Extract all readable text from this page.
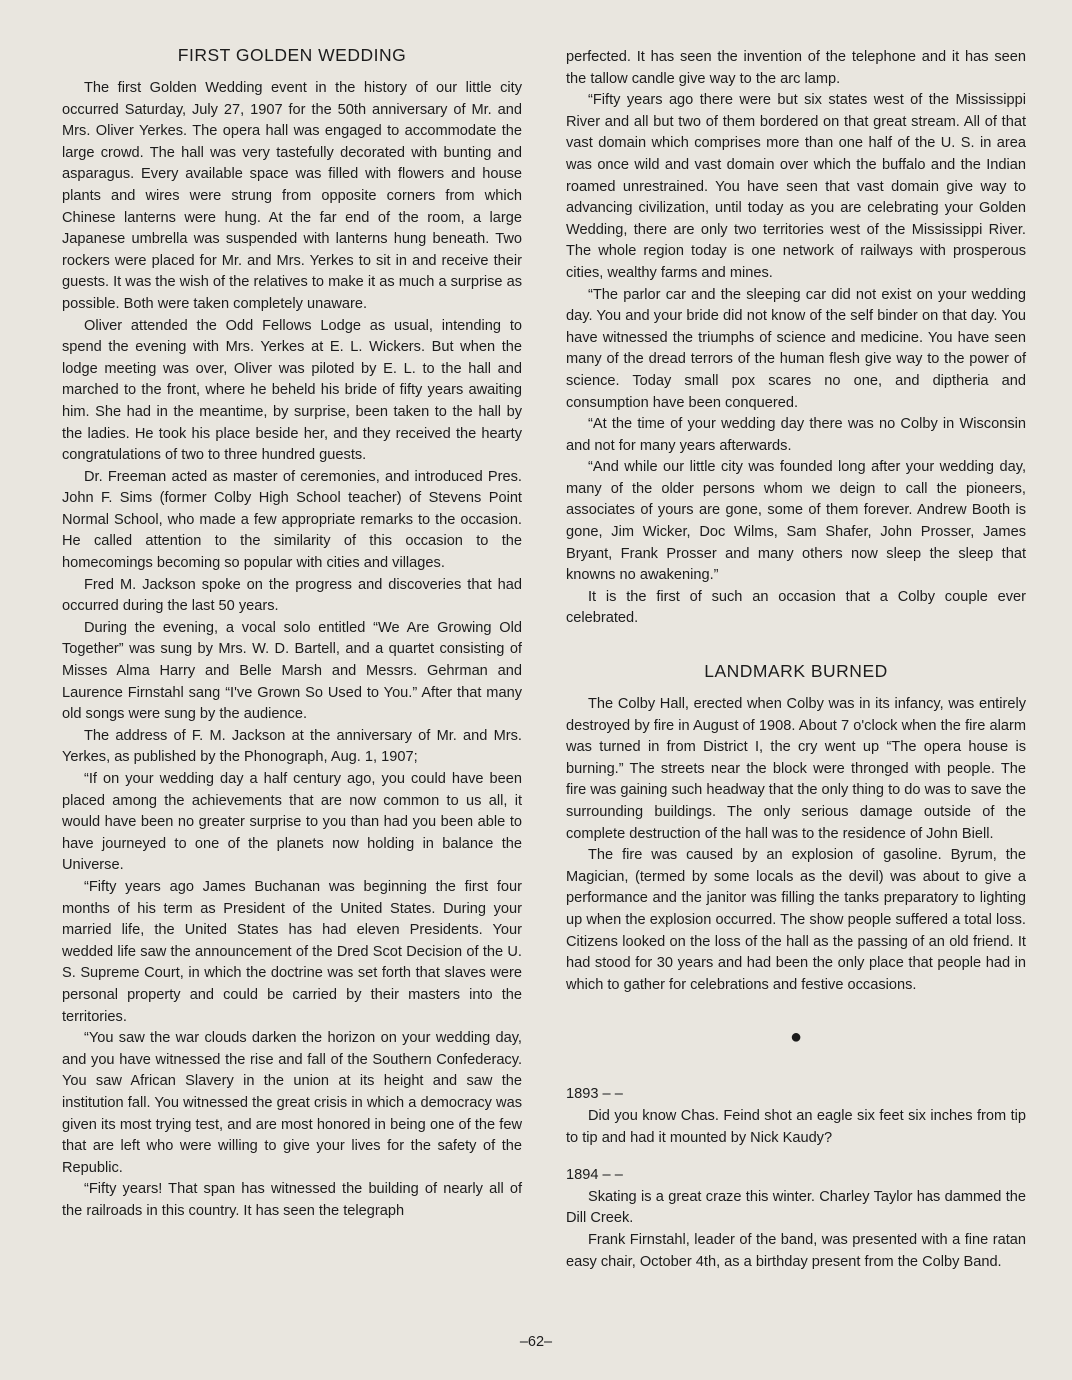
FIRST GOLDEN WEDDING

The first Golden Wedding event in the history of our little city occurred Saturday, July 27, 1907 for the 50th anniversary of Mr. and Mrs. Oliver Yerkes. The opera hall was engaged to accommodate the large crowd. The hall was very tastefully decorated with bunting and asparagus. Every available space was filled with flowers and house plants and wires were strung from opposite corners from which Chinese lanterns were hung. At the far end of the room, a large Japanese umbrella was suspended with lanterns hung beneath. Two rockers were placed for Mr. and Mrs. Yerkes to sit in and receive their guests. It was the wish of the relatives to make it as much a surprise as possible. Both were taken completely unaware.

Oliver attended the Odd Fellows Lodge as usual, intending to spend the evening with Mrs. Yerkes at E. L. Wickers. But when the lodge meeting was over, Oliver was piloted by E. L. to the hall and marched to the front, where he beheld his bride of fifty years awaiting him. She had in the meantime, by surprise, been taken to the hall by the ladies. He took his place beside her, and they received the hearty congratulations of two to three hundred guests.

Dr. Freeman acted as master of ceremonies, and introduced Pres. John F. Sims (former Colby High School teacher) of Stevens Point Normal School, who made a few appropriate remarks to the occasion. He called attention to the similarity of this occasion to the homecomings becoming so popular with cities and villages.

Fred M. Jackson spoke on the progress and discoveries that had occurred during the last 50 years.

During the evening, a vocal solo entitled “We Are Growing Old Together” was sung by Mrs. W. D. Bartell, and a quartet consisting of Misses Alma Harry and Belle Marsh and Messrs. Gehrman and Laurence Firnstahl sang “I've Grown So Used to You.” After that many old songs were sung by the audience.

The address of F. M. Jackson at the anniversary of Mr. and Mrs. Yerkes, as published by the Phonograph, Aug. 1, 1907;

“If on your wedding day a half century ago, you could have been placed among the achievements that are now common to us all, it would have been no greater surprise to you than had you been able to have journeyed to one of the planets now holding in balance the Universe.

“Fifty years ago James Buchanan was beginning the first four months of his term as President of the United States. During your married life, the United States has had eleven Presidents. Your wedded life saw the announcement of the Dred Scot Decision of the U. S. Supreme Court, in which the doctrine was set forth that slaves were personal property and could be carried by their masters into the territories.

“You saw the war clouds darken the horizon on your wedding day, and you have witnessed the rise and fall of the Southern Confederacy. You saw African Slavery in the union at its height and saw the institution fall. You witnessed the great crisis in which a democracy was given its most trying test, and are most honored in being one of the few that are left who were willing to give your lives for the safety of the Republic.

“Fifty years! That span has witnessed the building of nearly all of the railroads in this country. It has seen the telegraph

perfected. It has seen the invention of the telephone and it has seen the tallow candle give way to the arc lamp.

“Fifty years ago there were but six states west of the Mississippi River and all but two of them bordered on that great stream. All of that vast domain which comprises more than one half of the U. S. in area was once wild and vast domain over which the buffalo and the Indian roamed unrestrained. You have seen that vast domain give way to advancing civilization, until today as you are celebrating your Golden Wedding, there are only two territories west of the Mississippi River. The whole region today is one network of railways with prosperous cities, wealthy farms and mines.

“The parlor car and the sleeping car did not exist on your wedding day. You and your bride did not know of the self binder on that day. You have witnessed the triumphs of science and medicine. You have seen many of the dread terrors of the human flesh give way to the power of science. Today small pox scares no one, and diptheria and consumption have been conquered.

“At the time of your wedding day there was no Colby in Wisconsin and not for many years afterwards.

“And while our little city was founded long after your wedding day, many of the older persons whom we deign to call the pioneers, associates of yours are gone, some of them forever. Andrew Booth is gone, Jim Wicker, Doc Wilms, Sam Shafer, John Prosser, James Bryant, Frank Prosser and many others now sleep the sleep that knowns no awakening.”

It is the first of such an occasion that a Colby couple ever celebrated.

LANDMARK BURNED

The Colby Hall, erected when Colby was in its infancy, was entirely destroyed by fire in August of 1908. About 7 o'clock when the fire alarm was turned in from District I, the cry went up “The opera house is burning.” The streets near the block were thronged with people. The fire was gaining such headway that the only thing to do was to save the surrounding buildings. The only serious damage outside of the complete destruction of the hall was to the residence of John Biell.

The fire was caused by an explosion of gasoline. Byrum, the Magician, (termed by some locals as the devil) was about to give a performance and the janitor was filling the tanks preparatory to lighting up when the explosion occurred. The show people suffered a total loss. Citizens looked on the loss of the hall as the passing of an old friend. It had stood for 30 years and had been the only place that people had in which to gather for celebrations and festive occasions.

●

1893 – –

Did you know Chas. Feind shot an eagle six feet six inches from tip to tip and had it mounted by Nick Kaudy?

1894 – –

Skating is a great craze this winter. Charley Taylor has dammed the Dill Creek.

Frank Firnstahl, leader of the band, was presented with a fine ratan easy chair, October 4th, as a birthday present from the Colby Band.

–62–
